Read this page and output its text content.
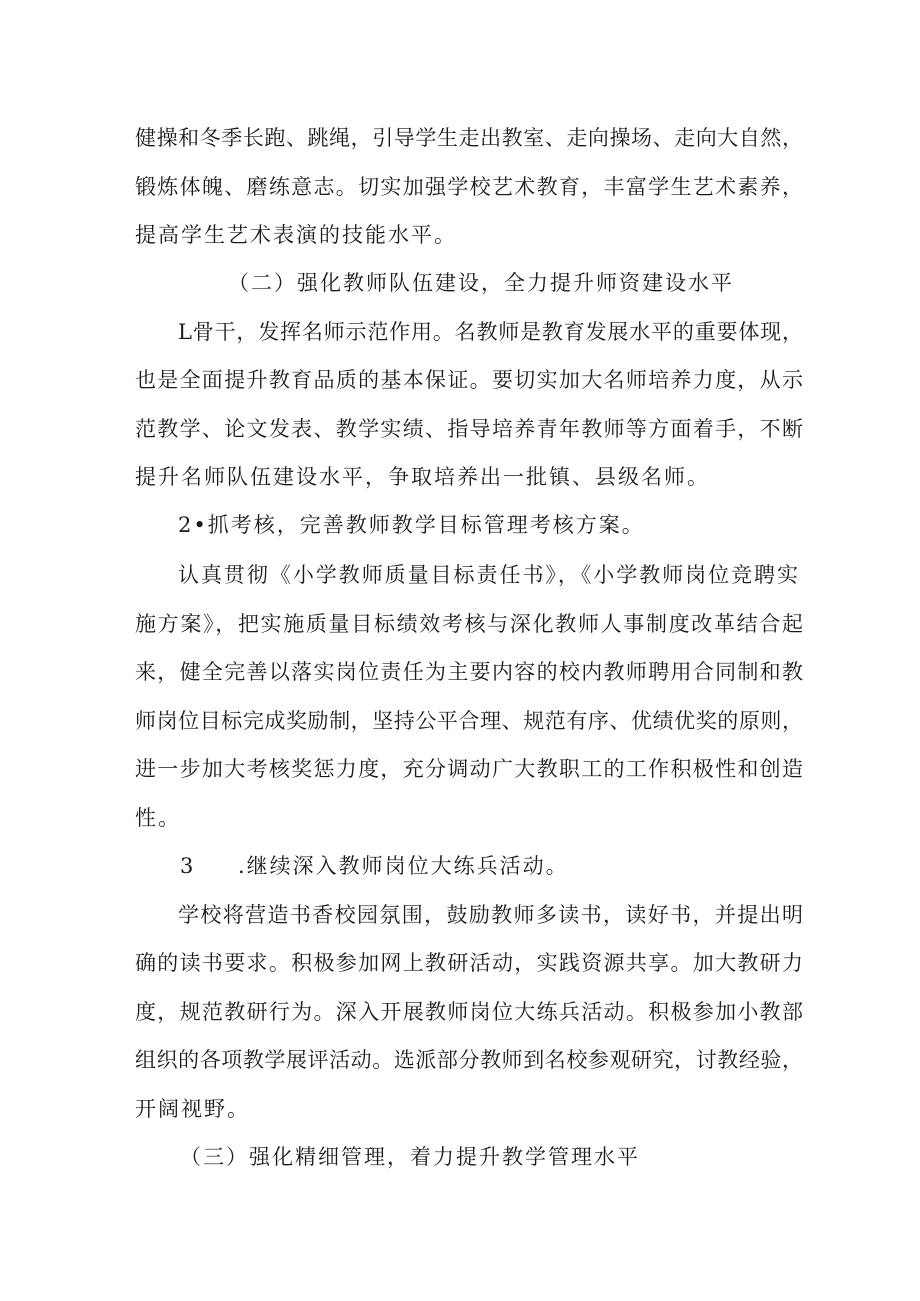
健操和冬季长跑、跳绳，引导学生走出教室、走向操场、走向大自然，
锻炼体魄、磨练意志。切实加强学校艺术教育，丰富学生艺术素养，
提高学生艺术表演的技能水平。
（二）强化教师队伍建设，全力提升师资建设水平
L骨干，发挥名师示范作用。名教师是教育发展水平的重要体现，
也是全面提升教育品质的基本保证。要切实加大名师培养力度，从示
范教学、论文发表、教学实绩、指导培养青年教师等方面着手，不断
提升名师队伍建设水平，争取培养出一批镇、县级名师。
2•抓考核，完善教师教学目标管理考核方案。
认真贯彻《小学教师质量目标责任书》，《小学教师岗位竞聘实
施方案》，把实施质量目标绩效考核与深化教师人事制度改革结合起
来，健全完善以落实岗位责任为主要内容的校内教师聘用合同制和教
师岗位目标完成奖励制，坚持公平合理、规范有序、优绩优奖的原则，
进一步加大考核奖惩力度，充分调动广大教职工的工作积极性和创造
性。
3 .继续深入教师岗位大练兵活动。
学校将营造书香校园氛围，鼓励教师多读书，读好书，并提出明
确的读书要求。积极参加网上教研活动，实践资源共享。加大教研力
度，规范教研行为。深入开展教师岗位大练兵活动。积极参加小教部
组织的各项教学展评活动。选派部分教师到名校参观研究，讨教经验，
开阔视野。
（三）强化精细管理，着力提升教学管理水平
